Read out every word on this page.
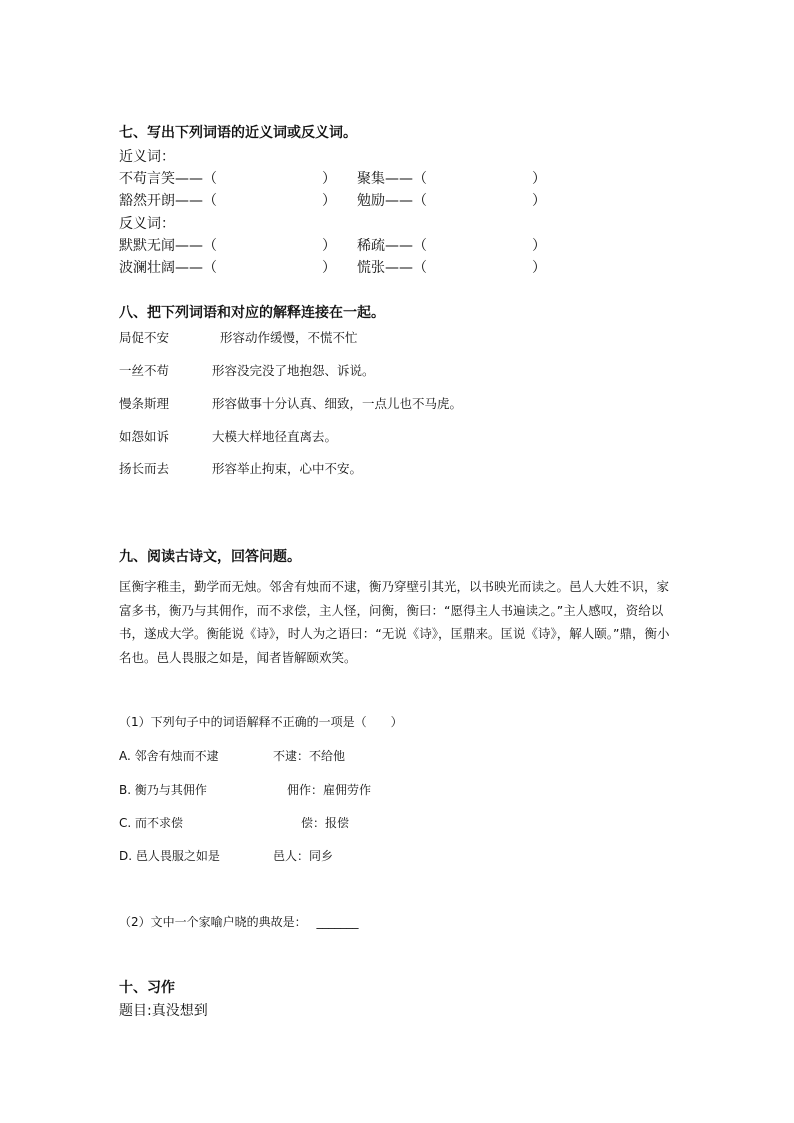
七、写出下列词语的近义词或反义词。
近义词：
不苟言笑——（	） 聚集——（	）
豁然开朗——（	） 勉励——（	）
反义词：
默默无闻——（	） 稀疏——（	）
波澜壮阔——（	） 慌张——（	）
八、把下列词语和对应的解释连接在一起。
局促不安	形容动作缓慢，不慌不忙
一丝不苟	形容没完没了地抱怨、诉说。
慢条斯理	形容做事十分认真、细致，一点儿也不马虎。
如怨如诉	大模大样地径直离去。
扬长而去	形容举止拘束，心中不安。
九、阅读古诗文，回答问题。
匡衡字稚圭，勤学而无烛。邻舍有烛而不逮，衡乃穿壁引其光，以书映光而读之。邑人大姓不识，家富多书，衡乃与其佣作，而不求偿，主人怪，问衡，衡曰：“愿得主人书遍读之。”主人感叹，资给以书，遂成大学。衡能说《诗》，时人为之语曰：“无说《诗》，匡鼎来。匡说《诗》，解人颐。”鼎，衡小名也。邑人畏服之如是，闻者皆解颐欢笑。
（1）下列句子中的词语解释不正确的一项是（　　）
A. 邻舍有烛而不逮	不逮：不给他
B. 衡乃与其佣作	佣作：雇佣劳作
C. 而不求偿	偿：报偿
D. 邑人畏服之如是	邑人：同乡
（2）文中一个家喻户晓的典故是： _______
十、习作
题目:真没想到
